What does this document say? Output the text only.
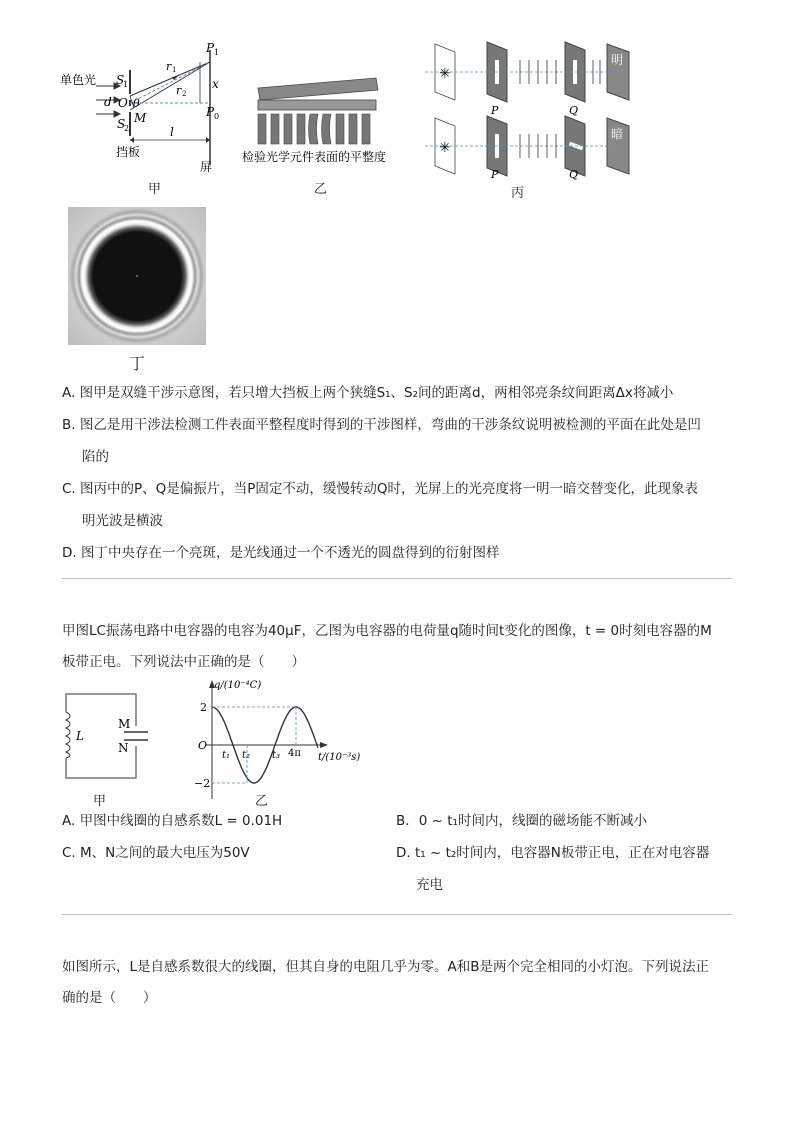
单色光 S
1
d O θ
S
2
M
r 1
r 2
P 1
P 0
x
l
挡板
屏
甲
检验光学元件表面的平整度
乙
✳
明
P	Q
✳
暗
P	Q
丙
丁
A. 图甲是双缝干涉示意图，若只增大挡板上两个狭缝S₁、S₂间的距离d，两相邻亮条纹间距离Δx将减小
B. 图乙是用干涉法检测工件表面平整程度时得到的干涉图样，弯曲的干涉条纹说明被检测的平面在此处是凹
陷的
C. 图丙中的P、Q是偏振片，当P固定不动，缓慢转动Q时，光屏上的光亮度将一明一暗交替变化，此现象表
明光波是横波
D. 图丁中央存在一个亮斑，是光线通过一个不透光的圆盘得到的衍射图样
甲图LC振荡电路中电容器的电容为40μF，乙图为电容器的电荷量q随时间t变化的图像，t = 0时刻电容器的M
板带正电。下列说法中正确的是（　　）
L
M
N
甲
q/(10⁻⁴C)
t/(10⁻³s)
O
2
−2
t₁ t₂ t₃ 4π
乙
A. 甲图中线圈的自感系数L = 0.01H	B．0 ~ t₁时间内，线圈的磁场能不断减小
C. M、N之间的最大电压为50V	D. t₁ ~ t₂时间内，电容器N板带正电，正在对电容器
充电
如图所示，L是自感系数很大的线圈，但其自身的电阻几乎为零。A和B是两个完全相同的小灯泡。下列说法正
确的是（　　）
